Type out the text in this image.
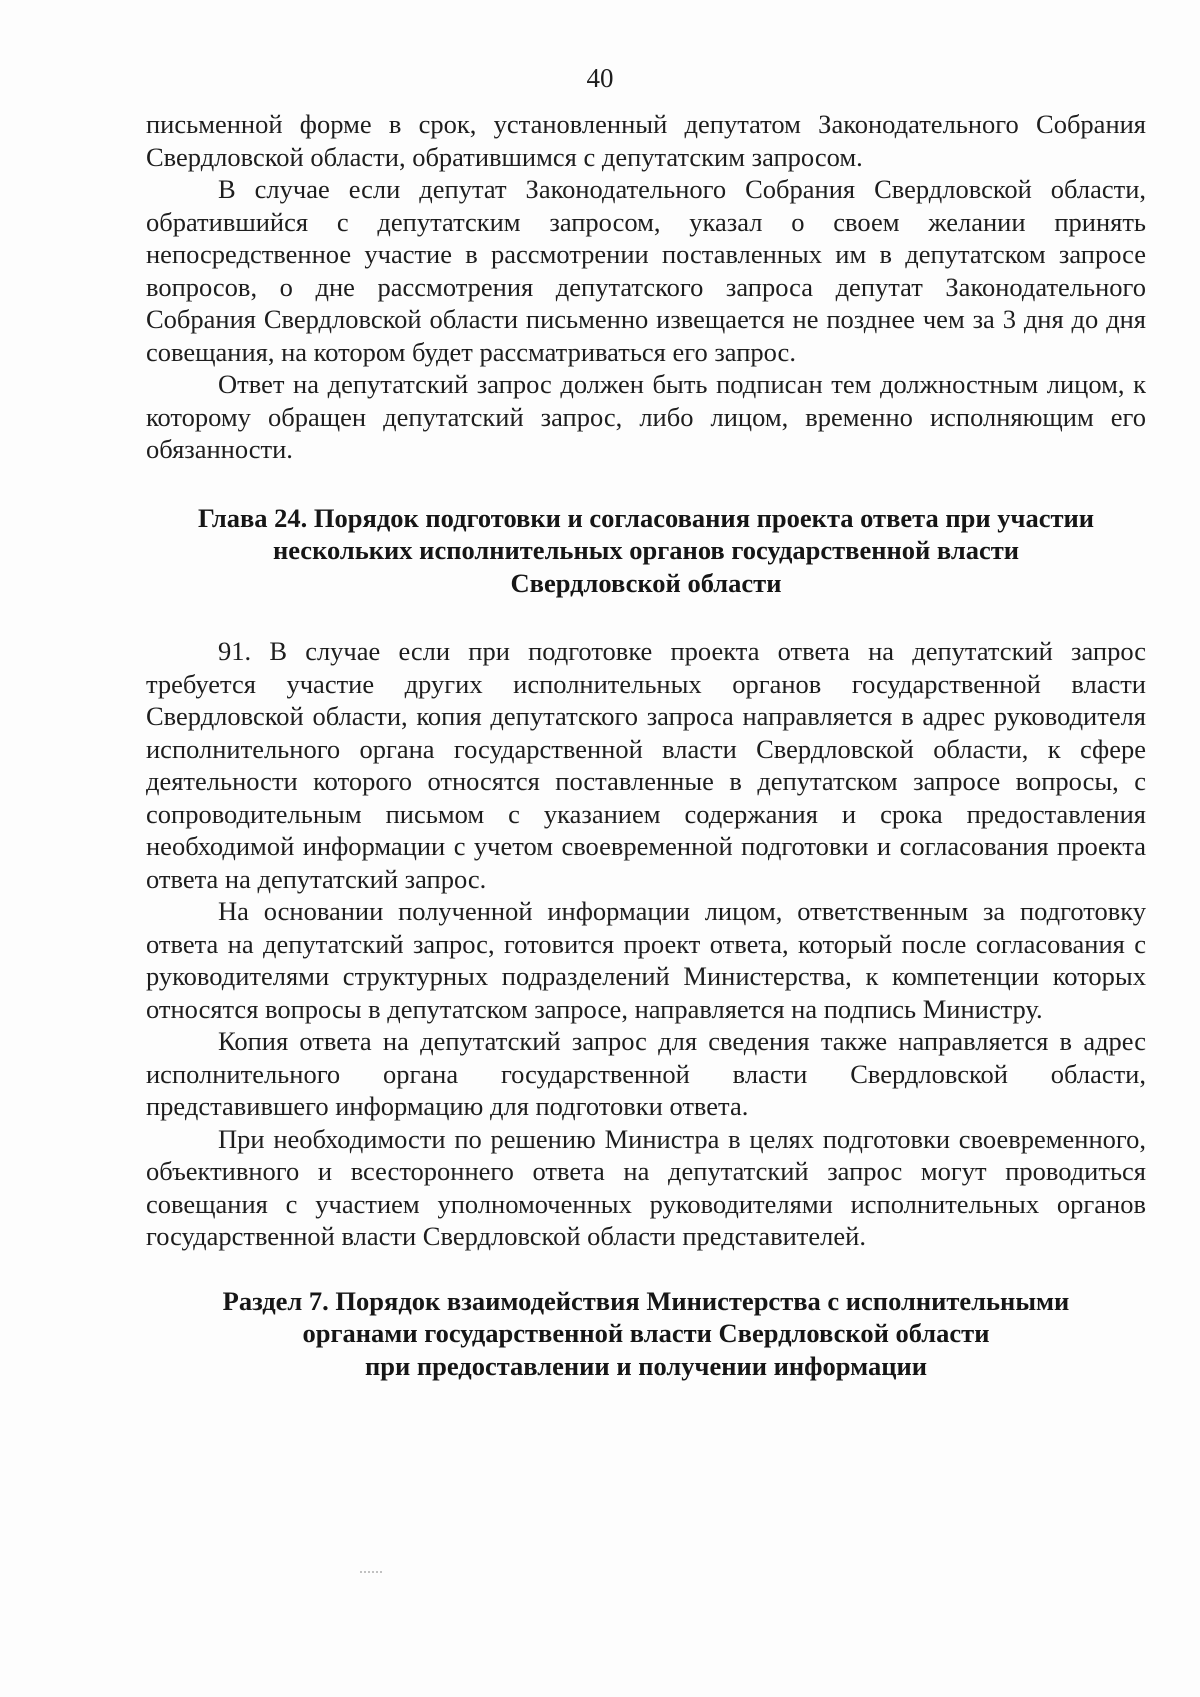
40

письменной форме в срок, установленный депутатом Законодательного Собрания Свердловской области, обратившимся с депутатским запросом.

В случае если депутат Законодательного Собрания Свердловской области, обратившийся с депутатским запросом, указал о своем желании принять непосредственное участие в рассмотрении поставленных им в депутатском запросе вопросов, о дне рассмотрения депутатского запроса депутат Законодательного Собрания Свердловской области письменно извещается не позднее чем за 3 дня до дня совещания, на котором будет рассматриваться его запрос.

Ответ на депутатский запрос должен быть подписан тем должностным лицом, к которому обращен депутатский запрос, либо лицом, временно исполняющим его обязанности.

Глава 24. Порядок подготовки и согласования проекта ответа при участии
нескольких исполнительных органов государственной власти
Свердловской области

91. В случае если при подготовке проекта ответа на депутатский запрос требуется участие других исполнительных органов государственной власти Свердловской области, копия депутатского запроса направляется в адрес руководителя исполнительного органа государственной власти Свердловской области, к сфере деятельности которого относятся поставленные в депутатском запросе вопросы, с сопроводительным письмом с указанием содержания и срока предоставления необходимой информации с учетом своевременной подготовки и согласования проекта ответа на депутатский запрос.

На основании полученной информации лицом, ответственным за подготовку ответа на депутатский запрос, готовится проект ответа, который после согласования с руководителями структурных подразделений Министерства, к компетенции которых относятся вопросы в депутатском запросе, направляется на подпись Министру.

Копия ответа на депутатский запрос для сведения также направляется в адрес исполнительного органа государственной власти Свердловской области, представившего информацию для подготовки ответа.

При необходимости по решению Министра в целях подготовки своевременного, объективного и всестороннего ответа на депутатский запрос могут проводиться совещания с участием уполномоченных руководителями исполнительных органов государственной власти Свердловской области представителей.

Раздел 7. Порядок взаимодействия Министерства с исполнительными
органами государственной власти Свердловской области
при предоставлении и получении информации
